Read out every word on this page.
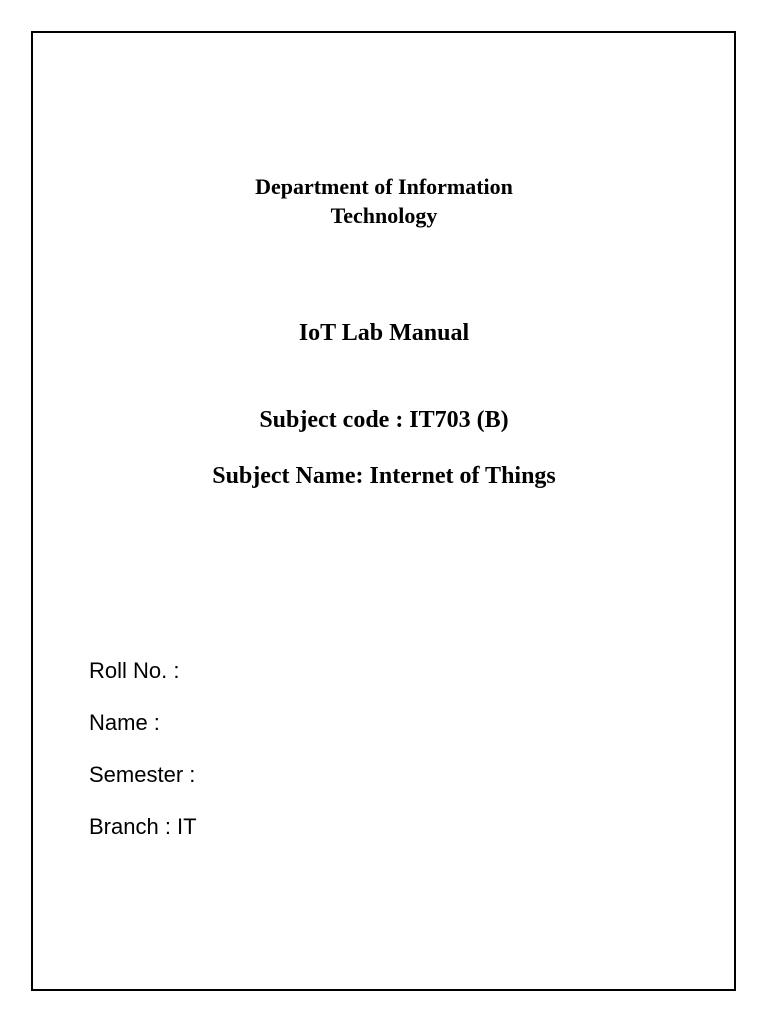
Department of Information
Technology
IoT Lab Manual
Subject code : IT703 (B)
Subject Name: Internet of Things
Roll No. :
Name :
Semester :
Branch : IT
